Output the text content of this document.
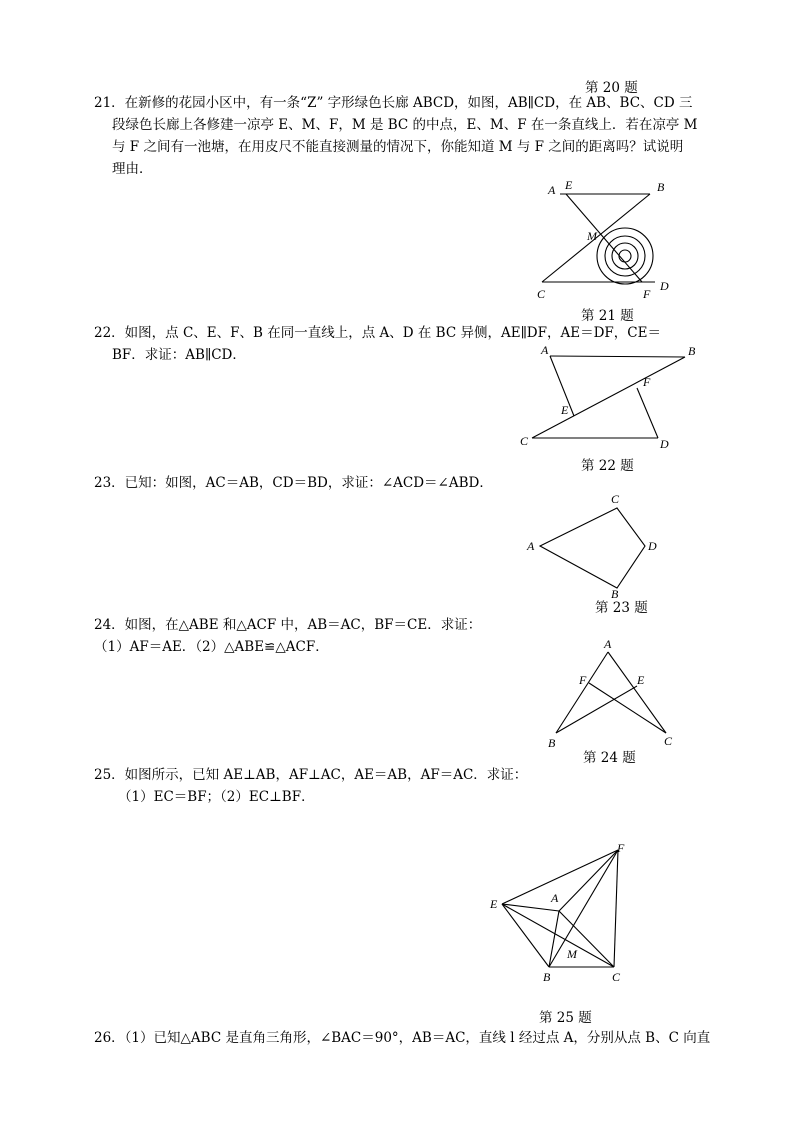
第 20 题
21．在新修的花园小区中，有一条“Z” 字形绿色长廊 ABCD，如图，AB∥CD，在 AB、BC、CD 三
段绿色长廊上各修建一凉亭 E、M、F，M 是 BC 的中点，E、M、F 在一条直线上．若在凉亭 M
与 F 之间有一池塘，在用皮尺不能直接测量的情况下，你能知道 M 与 F 之间的距离吗？试说明
理由．
A E	B
M
C	F
D
第 21 题
22．如图，点 C、E、F、B 在同一直线上，点 A、D 在 BC 异侧，AE∥DF，AE＝DF，CE＝
BF．求证：AB∥CD．	A	B
F
E
C	D
第 22 题
23．已知：如图，AC＝AB，CD＝BD，求证：∠ACD＝∠ABD．
C
A	D
B
第 23 题
24．如图，在△ABE 和△ACF 中，AB＝AC，BF＝CE．求证：
（1）AF＝AE．（2）△ABE≌△ACF．	A
F	E
B	C
第 24 题
25．如图所示，已知 AE⊥AB，AF⊥AC，AE＝AB，AF＝AC．求证：
（1）EC＝BF；（2）EC⊥BF．
F
E	A
M
B	C
第 25 题
26．（1）已知△ABC 是直角三角形，∠BAC＝90°，AB＝AC，直线 l 经过点 A，分别从点 B、C 向直
